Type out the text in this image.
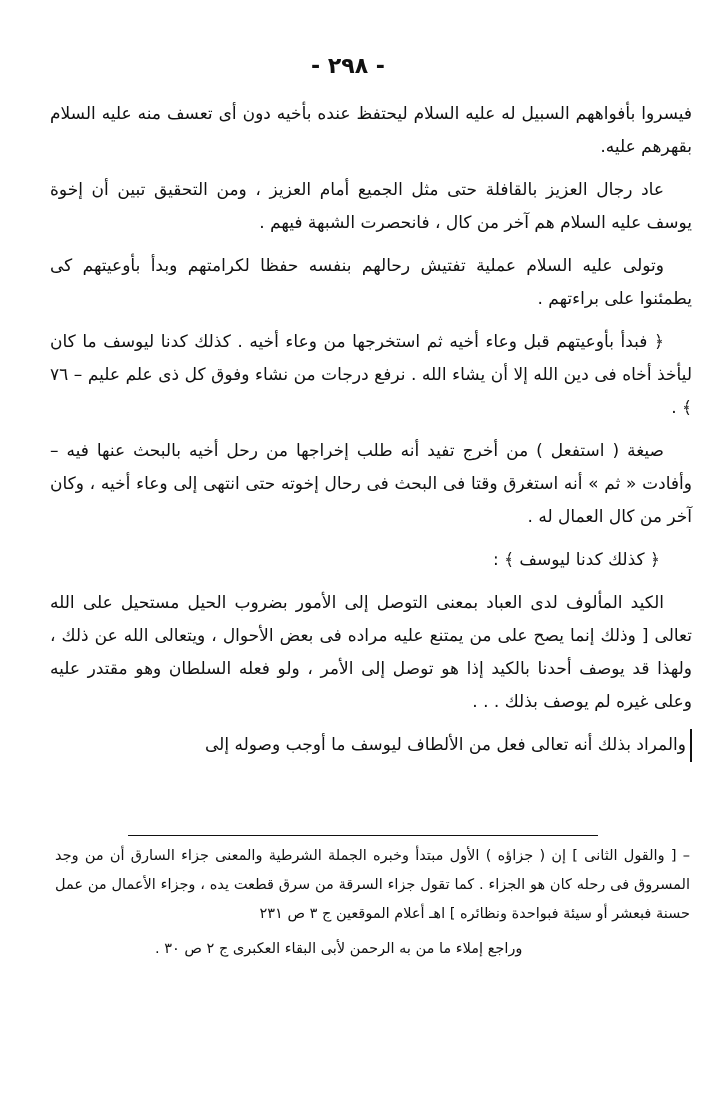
- ٢٩٨ -

فيسروا بأفواههم السبيل له عليه السلام ليحتفظ عنده بأخيه دون أى تعسف منه عليه السلام بقهرهم عليه.

عاد رجال العزيز بالقافلة حتى مثل الجميع أمام العزيز ، ومن التحقيق تبين أن إخوة يوسف عليه السلام هم آخر من كال ، فانحصرت الشبهة فيهم .

وتولى عليه السلام عملية تفتيش رحالهم بنفسه حفظا لكرامتهم وبدأ بأوعيتهم كى يطمئنوا على براءتهم .

﴿ فبدأ بأوعيتهم قبل وعاء أخيه ثم استخرجها من وعاء أخيه . كذلك كدنا ليوسف ما كان ليأخذ أخاه فى دين الله إلا أن يشاء الله . نرفع درجات من نشاء وفوق كل ذى علم عليم – ٧٦ ﴾ .

صيغة ( استفعل ) من أخرج تفيد أنه طلب إخراجها من رحل أخيه بالبحث عنها فيه – وأفادت « ثم » أنه استغرق وقتا فى البحث فى رحال إخوته حتى انتهى إلى وعاء أخيه ، وكان آخر من كال العمال له .

﴿ كذلك كدنا ليوسف ﴾ :

الكيد المألوف لدى العباد بمعنى التوصل إلى الأمور بضروب الحيل مستحيل على الله تعالى [ وذلك إنما يصح على من يمتنع عليه مراده فى بعض الأحوال ، ويتعالى الله عن ذلك ، ولهذا قد يوصف أحدنا بالكيد إذا هو توصل إلى الأمر ، ولو فعله السلطان وهو مقتدر عليه وعلى غيره لم يوصف بذلك . . .

والمراد بذلك أنه تعالى فعل من الألطاف ليوسف ما أوجب وصوله إلى

– [ والقول الثانى ] إن ( جزاؤه ) الأول مبتدأ وخبره الجملة الشرطية والمعنى جزاء السارق أن من وجد المسروق فى رحله كان هو الجزاء . كما تقول جزاء السرقة من سرق قطعت يده ، وجزاء الأعمال من عمل حسنة فبعشر أو سيئة فبواحدة ونظائره ] اهـ أعلام الموقعين ج ٣ ص ٢٣١

وراجع إملاء ما من به الرحمن لأبى البقاء العكبرى ج ٢ ص ٣٠ .
